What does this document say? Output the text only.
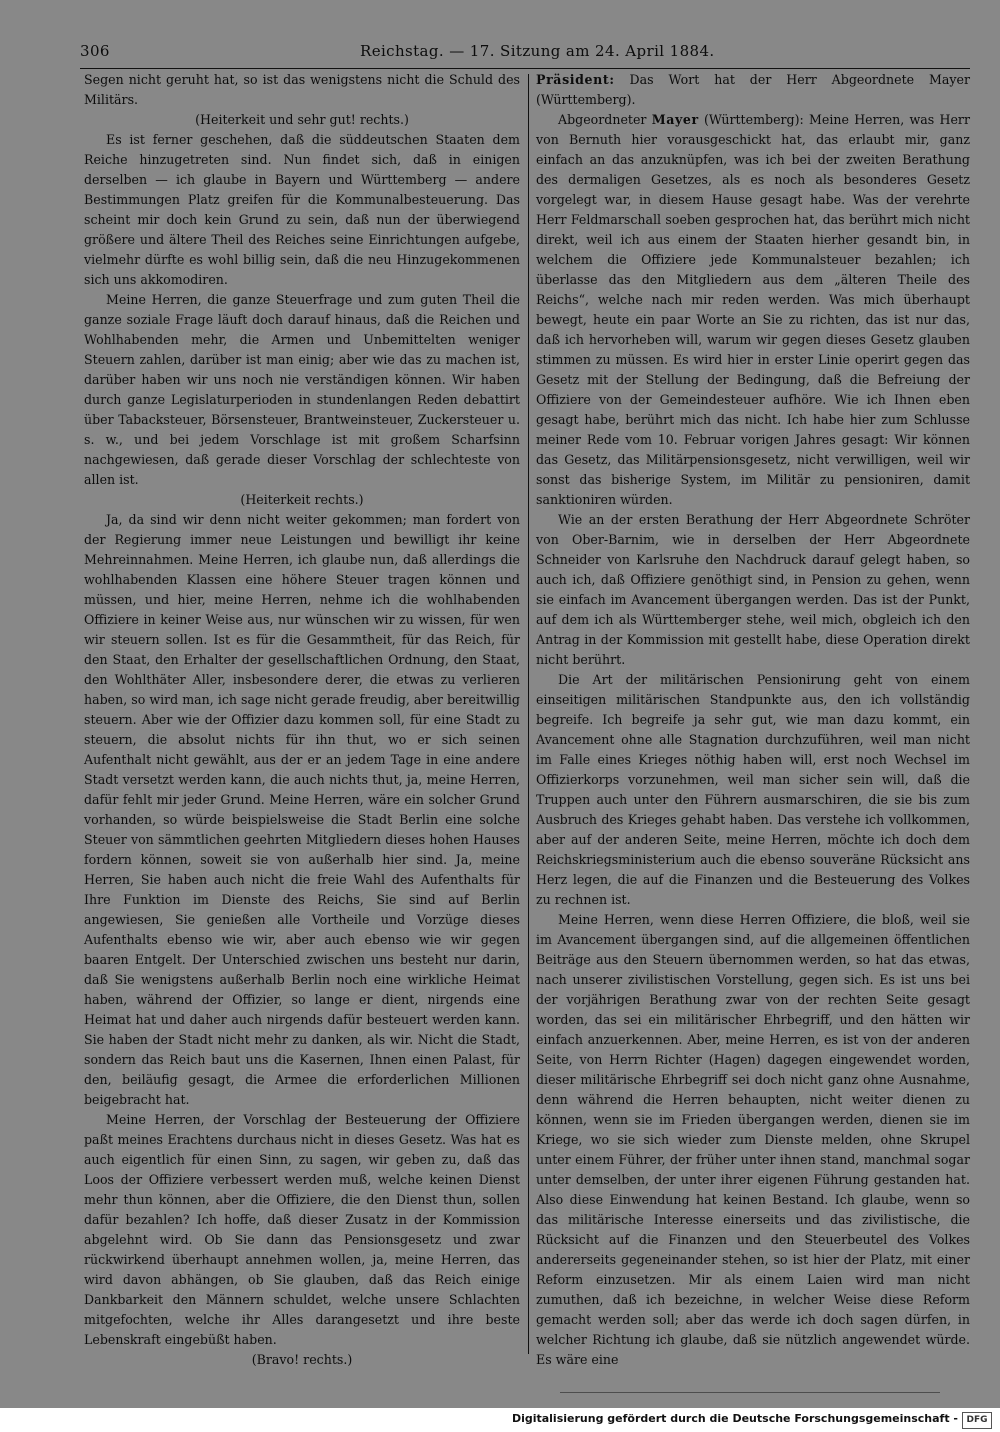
306	Reichstag. — 17. Sitzung am 24. April 1884.

Segen nicht geruht hat, so ist das wenigstens nicht die Schuld des Militärs.

(Heiterkeit und sehr gut! rechts.)

Es ist ferner geschehen, daß die süddeutschen Staaten dem Reiche hinzugetreten sind. Nun findet sich, daß in einigen derselben — ich glaube in Bayern und Württemberg — andere Bestimmungen Platz greifen für die Kommunalbesteuerung. Das scheint mir doch kein Grund zu sein, daß nun der überwiegend größere und ältere Theil des Reiches seine Einrichtungen aufgebe, vielmehr dürfte es wohl billig sein, daß die neu Hinzugekommenen sich uns akkomodiren.

Meine Herren, die ganze Steuerfrage und zum guten Theil die ganze soziale Frage läuft doch darauf hinaus, daß die Reichen und Wohlhabenden mehr, die Armen und Unbemittelten weniger Steuern zahlen, darüber ist man einig; aber wie das zu machen ist, darüber haben wir uns noch nie verständigen können. Wir haben durch ganze Legislaturperioden in stundenlangen Reden debattirt über Tabacksteuer, Börsensteuer, Brantweinsteuer, Zuckersteuer u. s. w., und bei jedem Vorschlage ist mit großem Scharfsinn nachgewiesen, daß gerade dieser Vorschlag der schlechteste von allen ist.

(Heiterkeit rechts.)

Ja, da sind wir denn nicht weiter gekommen; man fordert von der Regierung immer neue Leistungen und bewilligt ihr keine Mehreinnahmen. Meine Herren, ich glaube nun, daß allerdings die wohlhabenden Klassen eine höhere Steuer tragen können und müssen, und hier, meine Herren, nehme ich die wohlhabenden Offiziere in keiner Weise aus, nur wünschen wir zu wissen, für wen wir steuern sollen. Ist es für die Gesammtheit, für das Reich, für den Staat, den Erhalter der gesellschaftlichen Ordnung, den Staat, den Wohlthäter Aller, insbesondere derer, die etwas zu verlieren haben, so wird man, ich sage nicht gerade freudig, aber bereitwillig steuern. Aber wie der Offizier dazu kommen soll, für eine Stadt zu steuern, die absolut nichts für ihn thut, wo er sich seinen Aufenthalt nicht gewählt, aus der er an jedem Tage in eine andere Stadt versetzt werden kann, die auch nichts thut, ja, meine Herren, dafür fehlt mir jeder Grund. Meine Herren, wäre ein solcher Grund vorhanden, so würde beispielsweise die Stadt Berlin eine solche Steuer von sämmtlichen geehrten Mitgliedern dieses hohen Hauses fordern können, soweit sie von außerhalb hier sind. Ja, meine Herren, Sie haben auch nicht die freie Wahl des Aufenthalts für Ihre Funktion im Dienste des Reichs, Sie sind auf Berlin angewiesen, Sie genießen alle Vortheile und Vorzüge dieses Aufenthalts ebenso wie wir, aber auch ebenso wie wir gegen baaren Entgelt. Der Unterschied zwischen uns besteht nur darin, daß Sie wenigstens außerhalb Berlin noch eine wirkliche Heimat haben, während der Offizier, so lange er dient, nirgends eine Heimat hat und daher auch nirgends dafür besteuert werden kann. Sie haben der Stadt nicht mehr zu danken, als wir. Nicht die Stadt, sondern das Reich baut uns die Kasernen, Ihnen einen Palast, für den, beiläufig gesagt, die Armee die erforderlichen Millionen beigebracht hat.

Meine Herren, der Vorschlag der Besteuerung der Offiziere paßt meines Erachtens durchaus nicht in dieses Gesetz. Was hat es auch eigentlich für einen Sinn, zu sagen, wir geben zu, daß das Loos der Offiziere verbessert werden muß, welche keinen Dienst mehr thun können, aber die Offiziere, die den Dienst thun, sollen dafür bezahlen? Ich hoffe, daß dieser Zusatz in der Kommission abgelehnt wird. Ob Sie dann das Pensionsgesetz und zwar rückwirkend überhaupt annehmen wollen, ja, meine Herren, das wird davon abhängen, ob Sie glauben, daß das Reich einige Dankbarkeit den Männern schuldet, welche unsere Schlachten mitgefochten, welche ihr Alles darangesetzt und ihre beste Lebenskraft eingebüßt haben.

(Bravo! rechts.)

Präsident: Das Wort hat der Herr Abgeordnete Mayer (Württemberg).

Abgeordneter Mayer (Württemberg): Meine Herren, was Herr von Bernuth hier vorausgeschickt hat, das erlaubt mir, ganz einfach an das anzuknüpfen, was ich bei der zweiten Berathung des dermaligen Gesetzes, als es noch als besonderes Gesetz vorgelegt war, in diesem Hause gesagt habe. Was der verehrte Herr Feldmarschall soeben gesprochen hat, das berührt mich nicht direkt, weil ich aus einem der Staaten hierher gesandt bin, in welchem die Offiziere jede Kommunalsteuer bezahlen; ich überlasse das den Mitgliedern aus dem „älteren Theile des Reichs“, welche nach mir reden werden. Was mich überhaupt bewegt, heute ein paar Worte an Sie zu richten, das ist nur das, daß ich hervorheben will, warum wir gegen dieses Gesetz glauben stimmen zu müssen. Es wird hier in erster Linie operirt gegen das Gesetz mit der Stellung der Bedingung, daß die Befreiung der Offiziere von der Gemeindesteuer aufhöre. Wie ich Ihnen eben gesagt habe, berührt mich das nicht. Ich habe hier zum Schlusse meiner Rede vom 10. Februar vorigen Jahres gesagt: Wir können das Gesetz, das Militärpensionsgesetz, nicht verwilligen, weil wir sonst das bisherige System, im Militär zu pensioniren, damit sanktioniren würden.

Wie an der ersten Berathung der Herr Abgeordnete Schröter von Ober-Barnim, wie in derselben der Herr Abgeordnete Schneider von Karlsruhe den Nachdruck darauf gelegt haben, so auch ich, daß Offiziere genöthigt sind, in Pension zu gehen, wenn sie einfach im Avancement übergangen werden. Das ist der Punkt, auf dem ich als Württemberger stehe, weil mich, obgleich ich den Antrag in der Kommission mit gestellt habe, diese Operation direkt nicht berührt.

Die Art der militärischen Pensionirung geht von einem einseitigen militärischen Standpunkte aus, den ich vollständig begreife. Ich begreife ja sehr gut, wie man dazu kommt, ein Avancement ohne alle Stagnation durchzuführen, weil man nicht im Falle eines Krieges nöthig haben will, erst noch Wechsel im Offizierkorps vorzunehmen, weil man sicher sein will, daß die Truppen auch unter den Führern ausmarschiren, die sie bis zum Ausbruch des Krieges gehabt haben. Das verstehe ich vollkommen, aber auf der anderen Seite, meine Herren, möchte ich doch dem Reichskriegsministerium auch die ebenso souveräne Rücksicht ans Herz legen, die auf die Finanzen und die Besteuerung des Volkes zu rechnen ist.

Meine Herren, wenn diese Herren Offiziere, die bloß, weil sie im Avancement übergangen sind, auf die allgemeinen öffentlichen Beiträge aus den Steuern übernommen werden, so hat das etwas, nach unserer zivilistischen Vorstellung, gegen sich. Es ist uns bei der vorjährigen Berathung zwar von der rechten Seite gesagt worden, das sei ein militärischer Ehrbegriff, und den hätten wir einfach anzuerkennen. Aber, meine Herren, es ist von der anderen Seite, von Herrn Richter (Hagen) dagegen eingewendet worden, dieser militärische Ehrbegriff sei doch nicht ganz ohne Ausnahme, denn während die Herren behaupten, nicht weiter dienen zu können, wenn sie im Frieden übergangen werden, dienen sie im Kriege, wo sie sich wieder zum Dienste melden, ohne Skrupel unter einem Führer, der früher unter ihnen stand, manchmal sogar unter demselben, der unter ihrer eigenen Führung gestanden hat. Also diese Einwendung hat keinen Bestand. Ich glaube, wenn so das militärische Interesse einerseits und das zivilistische, die Rücksicht auf die Finanzen und den Steuerbeutel des Volkes andererseits gegeneinander stehen, so ist hier der Platz, mit einer Reform einzusetzen. Mir als einem Laien wird man nicht zumuthen, daß ich bezeichne, in welcher Weise diese Reform gemacht werden soll; aber das werde ich doch sagen dürfen, in welcher Richtung ich glaube, daß sie nützlich angewendet würde. Es wäre eine

Digitalisierung gefördert durch die Deutsche Forschungsgemeinschaft - DFG
